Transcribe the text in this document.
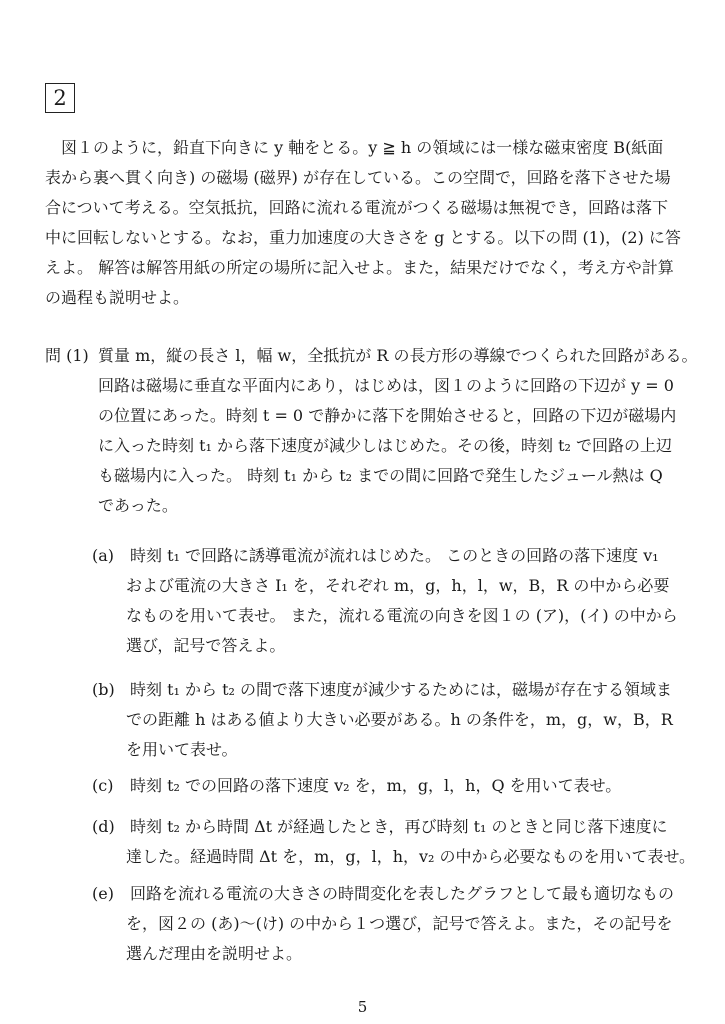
2
　図１のように，鉛直下向きに y 軸をとる。y ≧ h の領域には一様な磁束密度 B(紙面
表から裏へ貫く向き) の磁場 (磁界) が存在している。この空間で，回路を落下させた場
合について考える。空気抵抗，回路に流れる電流がつくる磁場は無視でき，回路は落下
中に回転しないとする。なお，重力加速度の大きさを g とする。以下の問 (1)，(2) に答
えよ。 解答は解答用紙の所定の場所に記入せよ。また，結果だけでなく，考え方や計算
の過程も説明せよ。
問 (1) 質量 m，縦の長さ l，幅 w，全抵抗が R の長方形の導線でつくられた回路がある。
回路は磁場に垂直な平面内にあり，はじめは，図１のように回路の下辺が y = 0
の位置にあった。時刻 t = 0 で静かに落下を開始させると，回路の下辺が磁場内
に入った時刻 t₁ から落下速度が減少しはじめた。その後，時刻 t₂ で回路の上辺
も磁場内に入った。 時刻 t₁ から t₂ までの間に回路で発生したジュール熱は Q
であった。
(a) 時刻 t₁ で回路に誘導電流が流れはじめた。 このときの回路の落下速度 v₁
および電流の大きさ I₁ を，それぞれ m，g，h，l，w，B，R の中から必要
なものを用いて表せ。 また，流れる電流の向きを図１の (ア)，(イ) の中から
選び，記号で答えよ。
(b) 時刻 t₁ から t₂ の間で落下速度が減少するためには，磁場が存在する領域ま
での距離 h はある値より大きい必要がある。h の条件を，m，g，w，B，R
を用いて表せ。
(c) 時刻 t₂ での回路の落下速度 v₂ を，m，g，l，h，Q を用いて表せ。
(d) 時刻 t₂ から時間 Δt が経過したとき，再び時刻 t₁ のときと同じ落下速度に
達した。経過時間 Δt を，m，g，l，h，v₂ の中から必要なものを用いて表せ。
(e) 回路を流れる電流の大きさの時間変化を表したグラフとして最も適切なもの
を，図２の (あ)〜(け) の中から１つ選び，記号で答えよ。また，その記号を
選んだ理由を説明せよ。
5
